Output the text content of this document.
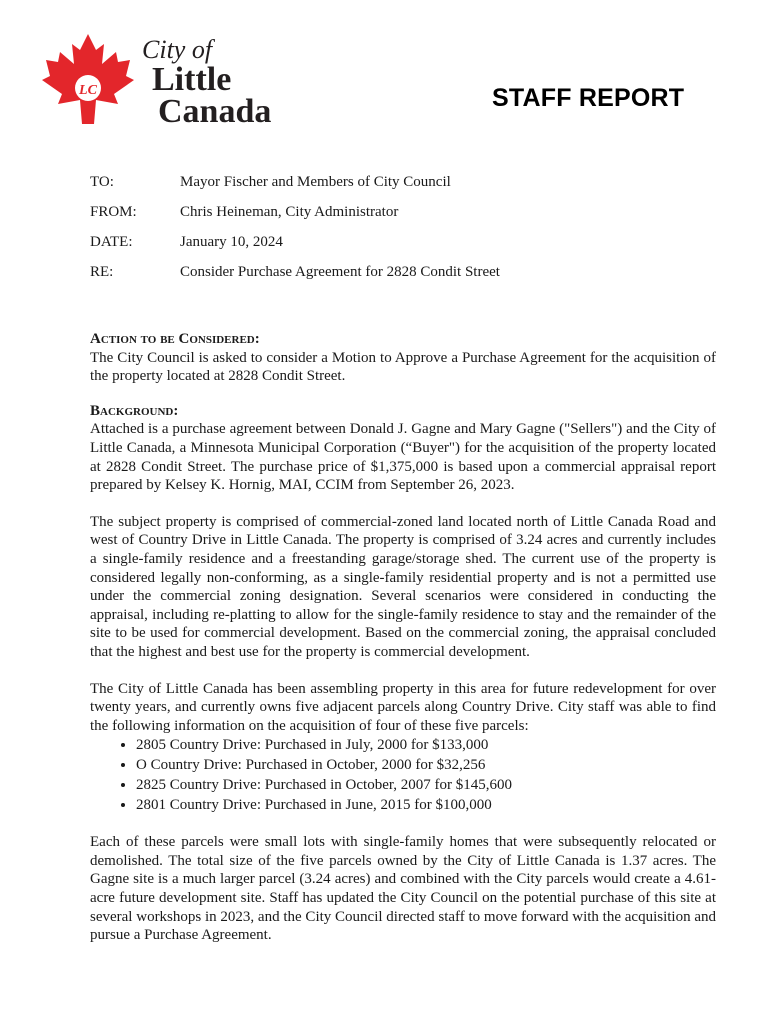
LC
City of
Little
Canada	STAFF REPORT
TO:	Mayor Fischer and Members of City Council
FROM:	Chris Heineman, City Administrator
DATE:	January 10, 2024
RE:	Consider Purchase Agreement for 2828 Condit Street

Action to be Considered:

The City Council is asked to consider a Motion to Approve a Purchase Agreement for the acquisition of the property located at 2828 Condit Street.

Background:

Attached is a purchase agreement between Donald J. Gagne and Mary Gagne ("Sellers") and the City of Little Canada, a Minnesota Municipal Corporation (“Buyer") for the acquisition of the property located at 2828 Condit Street. The purchase price of $1,375,000 is based upon a commercial appraisal report prepared by Kelsey K. Hornig, MAI, CCIM from September 26, 2023.

The subject property is comprised of commercial-zoned land located north of Little Canada Road and west of Country Drive in Little Canada. The property is comprised of 3.24 acres and currently includes a single-family residence and a freestanding garage/storage shed. The current use of the property is considered legally non-conforming, as a single-family residential property and is not a permitted use under the commercial zoning designation. Several scenarios were considered in conducting the appraisal, including re-platting to allow for the single-family residence to stay and the remainder of the site to be used for commercial development. Based on the commercial zoning, the appraisal concluded that the highest and best use for the property is commercial development.

The City of Little Canada has been assembling property in this area for future redevelopment for over twenty years, and currently owns five adjacent parcels along Country Drive. City staff was able to find the following information on the acquisition of four of these five parcels:

• 2805 Country Drive: Purchased in July, 2000 for $133,000
• O Country Drive: Purchased in October, 2000 for $32,256
• 2825 Country Drive: Purchased in October, 2007 for $145,600
• 2801 Country Drive: Purchased in June, 2015 for $100,000

Each of these parcels were small lots with single-family homes that were subsequently relocated or demolished. The total size of the five parcels owned by the City of Little Canada is 1.37 acres. The Gagne site is a much larger parcel (3.24 acres) and combined with the City parcels would create a 4.61-acre future development site. Staff has updated the City Council on the potential purchase of this site at several workshops in 2023, and the City Council directed staff to move forward with the acquisition and pursue a Purchase Agreement.
